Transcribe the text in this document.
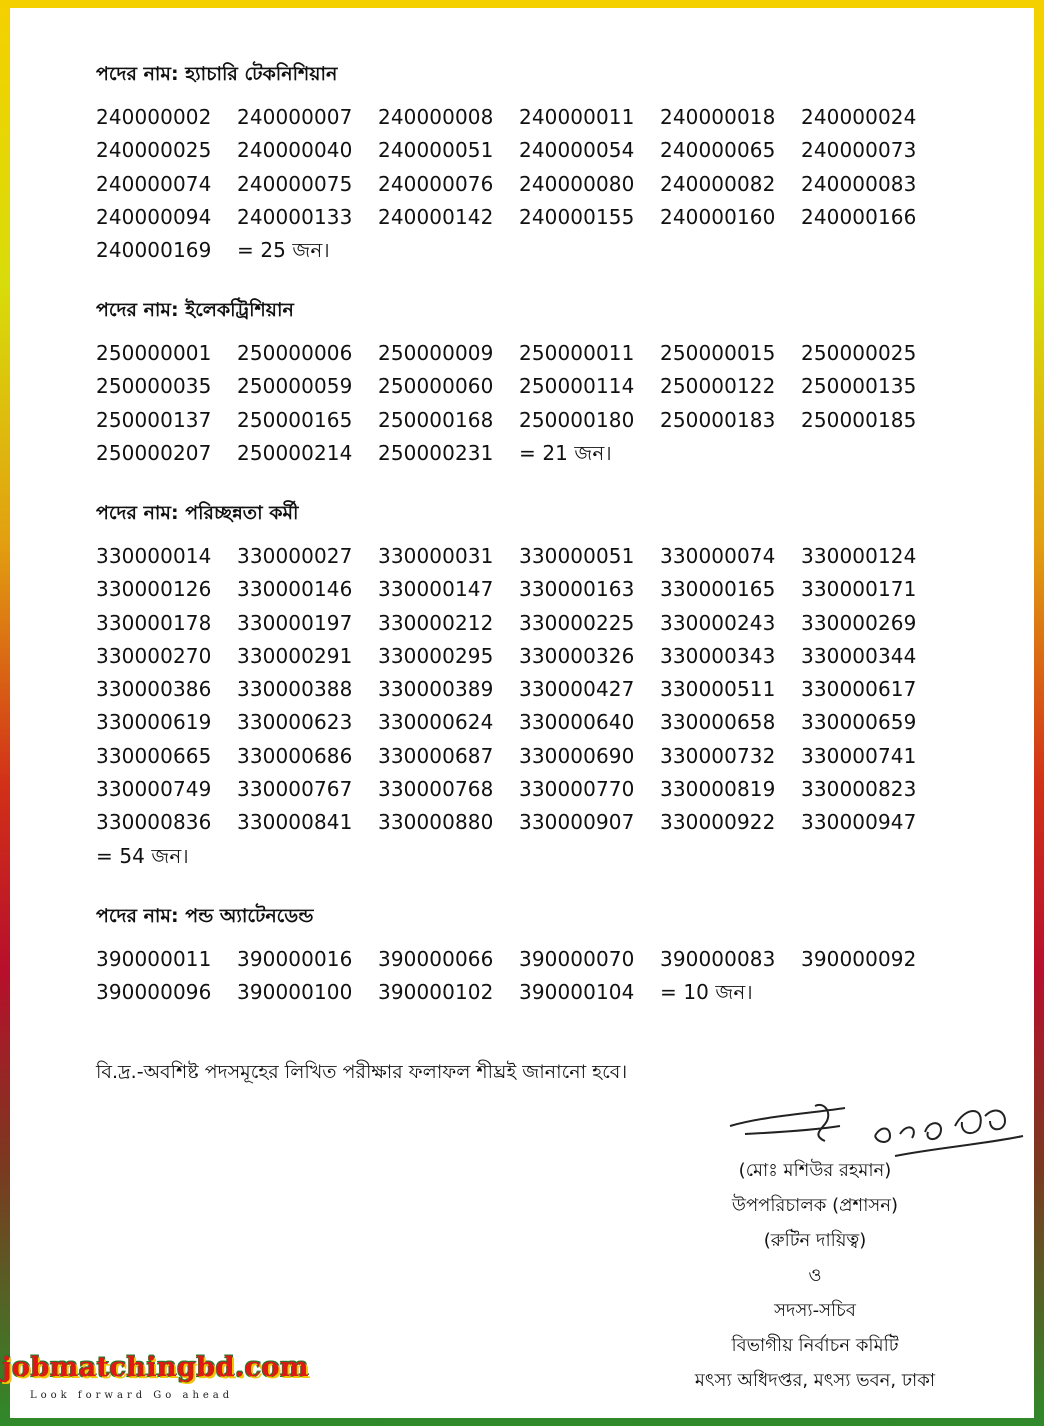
পদের নাম: হ্যাচারি টেকনিশিয়ান
240000002	240000007	240000008	240000011	240000018	240000024
240000025	240000040	240000051	240000054	240000065	240000073
240000074	240000075	240000076	240000080	240000082	240000083
240000094	240000133	240000142	240000155	240000160	240000166
240000169	= 25 জন।
পদের নাম: ইলেকট্রিশিয়ান
250000001	250000006	250000009	250000011	250000015	250000025
250000035	250000059	250000060	250000114	250000122	250000135
250000137	250000165	250000168	250000180	250000183	250000185
250000207	250000214	250000231	= 21 জন।
পদের নাম: পরিচ্ছন্নতা কর্মী
330000014	330000027	330000031	330000051	330000074	330000124
330000126	330000146	330000147	330000163	330000165	330000171
330000178	330000197	330000212	330000225	330000243	330000269
330000270	330000291	330000295	330000326	330000343	330000344
330000386	330000388	330000389	330000427	330000511	330000617
330000619	330000623	330000624	330000640	330000658	330000659
330000665	330000686	330000687	330000690	330000732	330000741
330000749	330000767	330000768	330000770	330000819	330000823
330000836	330000841	330000880	330000907	330000922	330000947
= 54 জন।
পদের নাম: পন্ড অ্যাটেনডেন্ড
390000011	390000016	390000066	390000070	390000083	390000092
390000096	390000100	390000102	390000104	= 10 জন।
বি.দ্র.-অবশিষ্ট পদসমূহের লিখিত পরীক্ষার ফলাফল শীঘ্রই জানানো হবে।
(মোঃ মশিউর রহমান)
উপপরিচালক (প্রশাসন)
(রুটিন দায়িত্ব)
ও
সদস্য-সচিব
বিভাগীয় নির্বাচন কমিটি
মৎস্য অধিদপ্তর, মৎস্য ভবন, ঢাকা
jobmatchingbd.com
Look forward Go ahead
